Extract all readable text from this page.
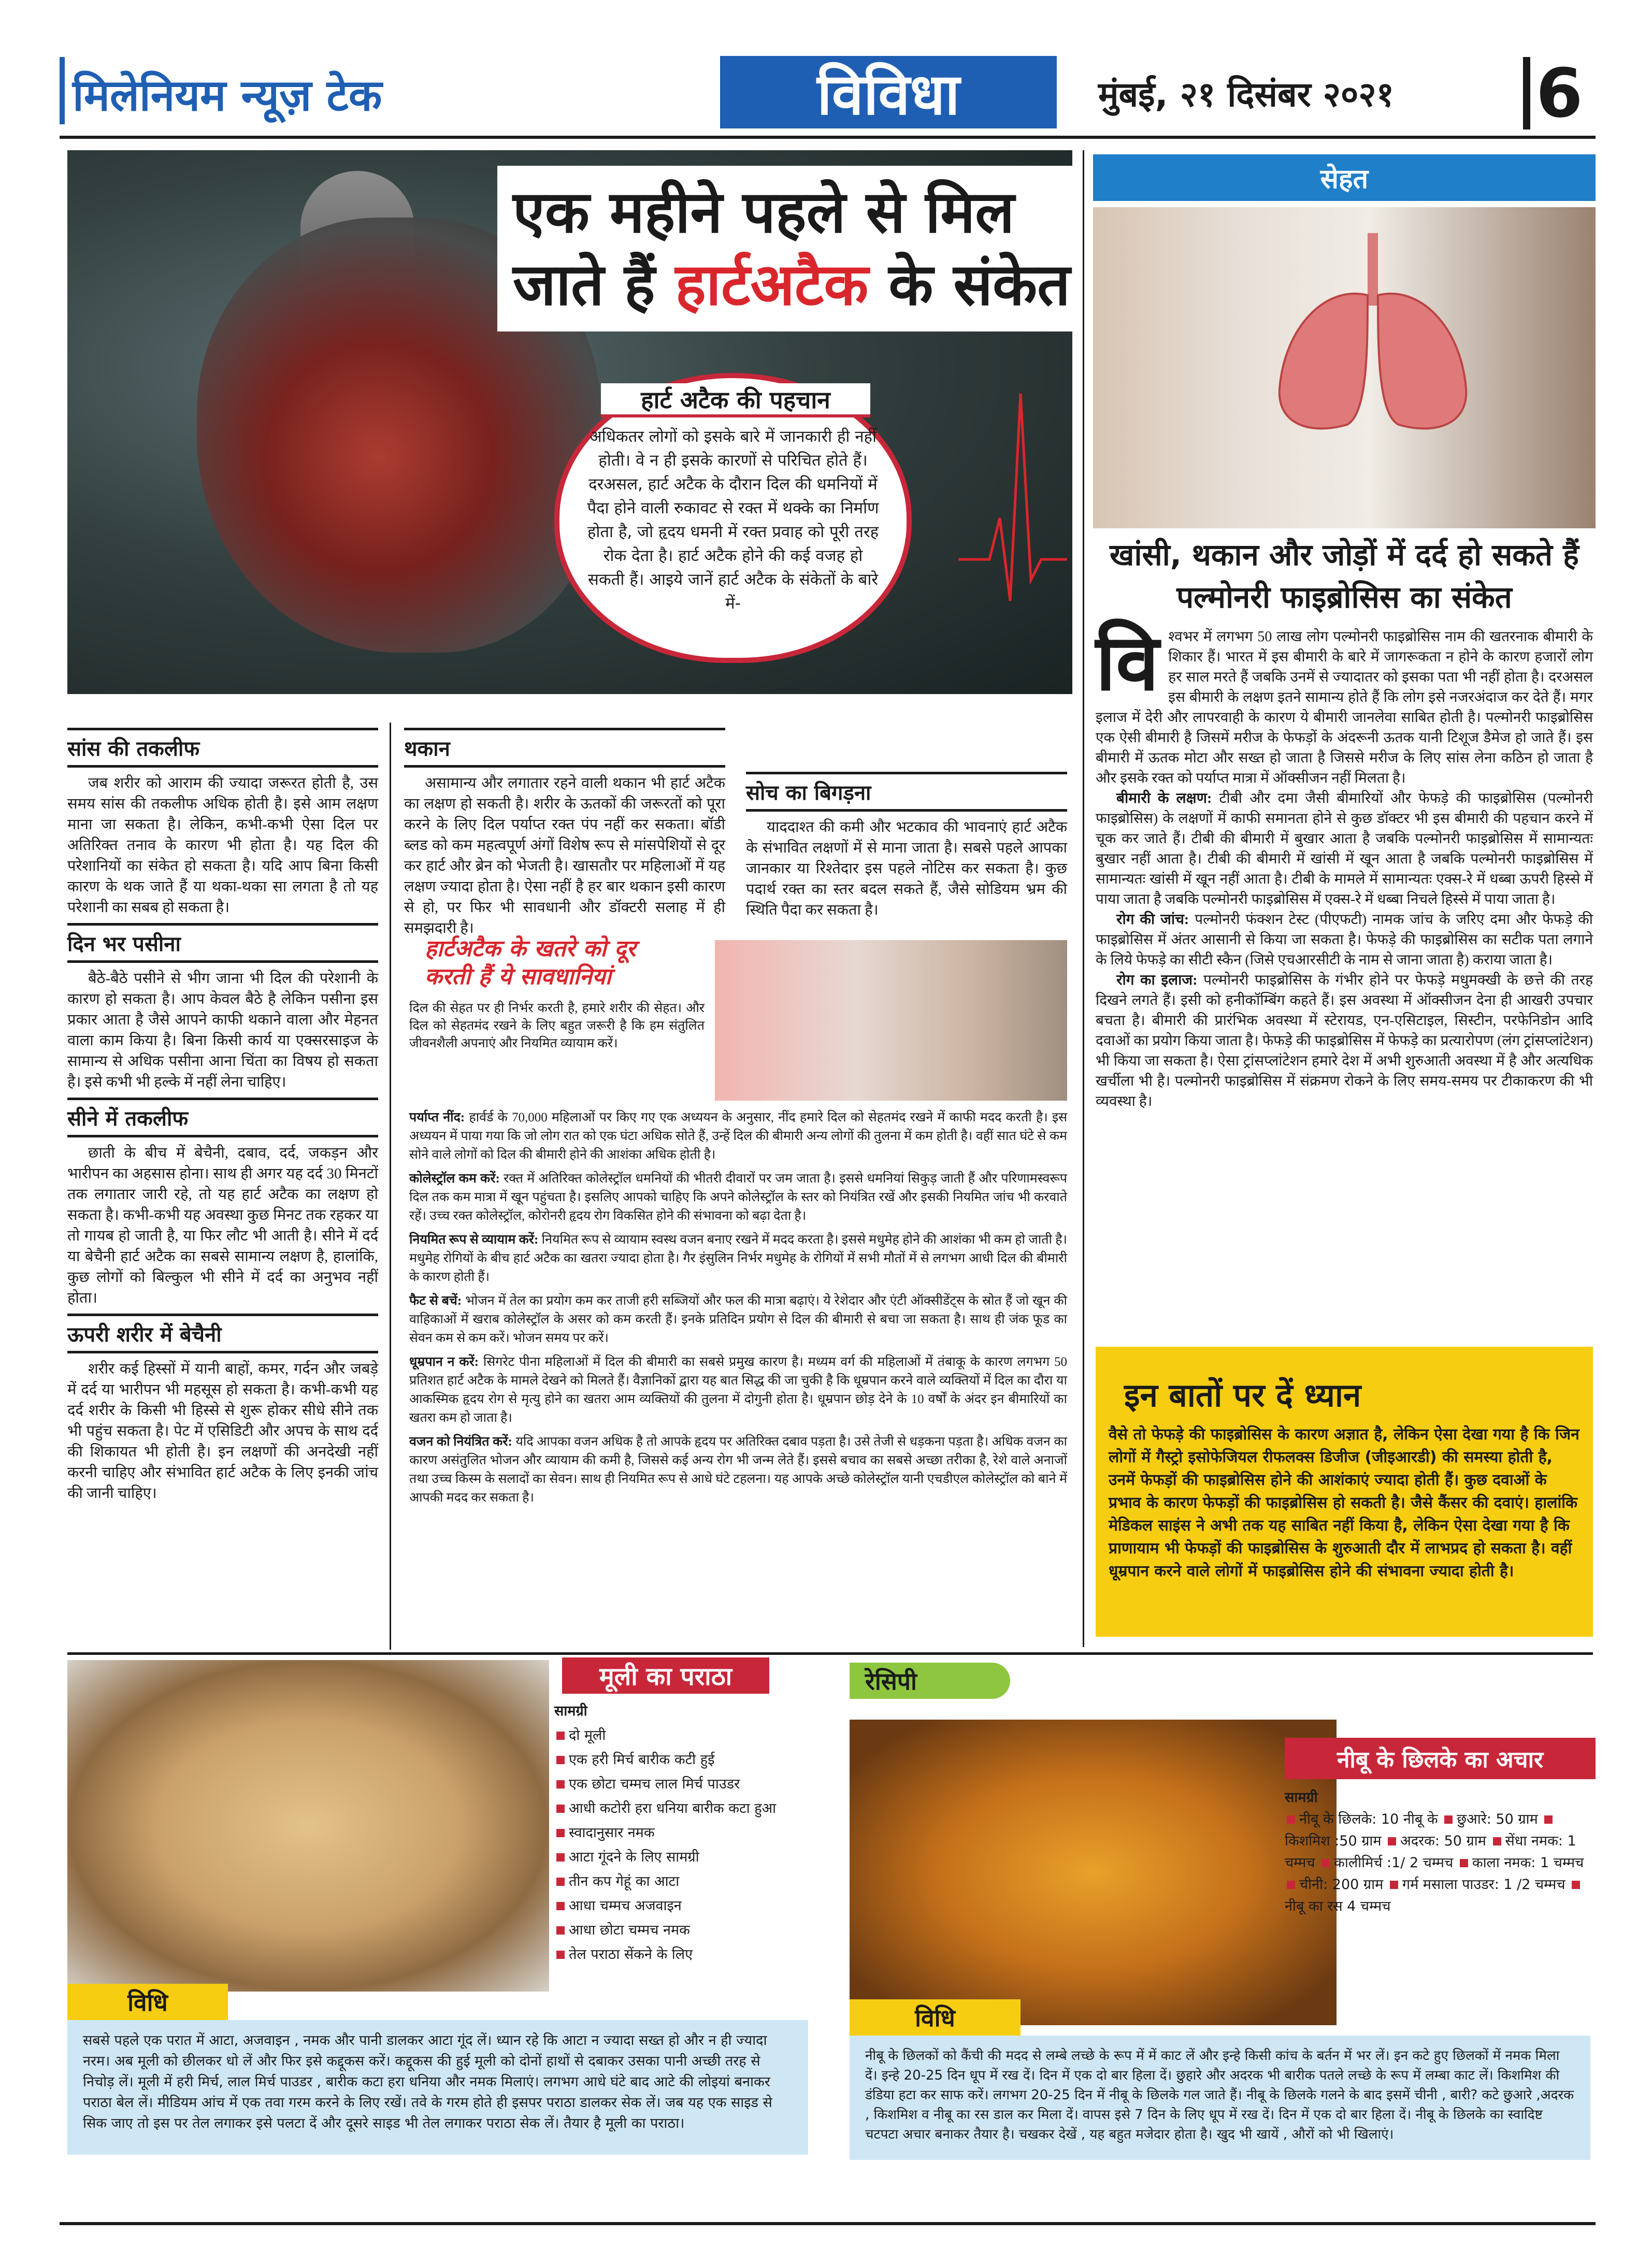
मिलेनियम न्यूज़ टेक	विविधा	मुंबई, २१ दिसंबर २०२१	6
एक महीने पहले से मिल
जाते हैं हार्टअटैक के संकेत
अधिकतर लोगों को इसके बारे में जानकारी ही नहीं होती। वे न ही इसके कारणों से परिचित होते हैं। दरअसल, हार्ट अटैक के दौरान दिल की धमनियों में पैदा होने वाली रुकावट से रक्त में थक्के का निर्माण होता है, जो हृदय धमनी में रक्त प्रवाह को पूरी तरह रोक देता है। हार्ट अटैक होने की कई वजह हो सकती हैं। आइये जानें हार्ट अटैक के संकेतों के बारे में-
हार्ट अटैक की पहचान
सांस की तकलीफ
जब शरीर को आराम की ज्यादा जरूरत होती है, उस समय सांस की तकलीफ अधिक होती है। इसे आम लक्षण माना जा सकता है। लेकिन, कभी-कभी ऐसा दिल पर अतिरिक्त तनाव के कारण भी होता है। यह दिल की परेशानियों का संकेत हो सकता है। यदि आप बिना किसी कारण के थक जाते हैं या थका-थका सा लगता है तो यह परेशानी का सबब हो सकता है।
दिन भर पसीना
बैठे-बैठे पसीने से भीग जाना भी दिल की परेशानी के कारण हो सकता है। आप केवल बैठे है लेकिन पसीना इस प्रकार आता है जैसे आपने काफी थकाने वाला और मेहनत वाला काम किया है। बिना किसी कार्य या एक्सरसाइज के सामान्य से अधिक पसीना आना चिंता का विषय हो सकता है। इसे कभी भी हल्के में नहीं लेना चाहिए।
सीने में तकलीफ
छाती के बीच में बेचैनी, दबाव, दर्द, जकड़न और भारीपन का अहसास होना। साथ ही अगर यह दर्द 30 मिनटों तक लगातार जारी रहे, तो यह हार्ट अटैक का लक्षण हो सकता है। कभी-कभी यह अवस्था कुछ मिनट तक रहकर या तो गायब हो जाती है, या फिर लौट भी आती है। सीने में दर्द या बेचैनी हार्ट अटैक का सबसे सामान्य लक्षण है, हालांकि, कुछ लोगों को बिल्कुल भी सीने में दर्द का अनुभव नहीं होता।
ऊपरी शरीर में बेचैनी
शरीर कई हिस्सों में यानी बाहों, कमर, गर्दन और जबड़े में दर्द या भारीपन भी महसूस हो सकता है। कभी-कभी यह दर्द शरीर के किसी भी हिस्से से शुरू होकर सीधे सीने तक भी पहुंच सकता है। पेट में एसिडिटी और अपच के साथ दर्द की शिकायत भी होती है। इन लक्षणों की अनदेखी नहीं करनी चाहिए और संभावित हार्ट अटैक के लिए इनकी जांच की जानी चाहिए।
थकान
असामान्य और लगातार रहने वाली थकान भी हार्ट अटैक का लक्षण हो सकती है। शरीर के ऊतकों की जरूरतों को पूरा करने के लिए दिल पर्याप्त रक्त पंप नहीं कर सकता। बॉडी ब्लड को कम महत्वपूर्ण अंगों विशेष रूप से मांसपेशियों से दूर कर हार्ट और ब्रेन को भेजती है। खासतौर पर महिलाओं में यह लक्षण ज्यादा होता है। ऐसा नहीं है हर बार थकान इसी कारण से हो, पर फिर भी सावधानी और डॉक्टरी सलाह में ही समझदारी है।
सोच का बिगड़ना
याददाश्त की कमी और भटकाव की भावनाएं हार्ट अटैक के संभावित लक्षणों में से माना जाता है। सबसे पहले आपका जानकार या रिश्तेदार इस पहले नोटिस कर सकता है। कुछ पदार्थ रक्त का स्तर बदल सकते हैं, जैसे सोडियम भ्रम की स्थिति पैदा कर सकता है।
हार्टअटैक के खतरे को दूर करती हैं ये सावधानियां
दिल की सेहत पर ही निर्भर करती है, हमारे शरीर की सेहत। और दिल को सेहतमंद रखने के लिए बहुत जरूरी है कि हम संतुलित जीवनशैली अपनाएं और नियमित व्यायाम करें।
पर्याप्त नींद: हार्वर्ड के 70,000 महिलाओं पर किए गए एक अध्ययन के अनुसार, नींद हमारे दिल को सेहतमंद रखने में काफी मदद करती है। इस अध्ययन में पाया गया कि जो लोग रात को एक घंटा अधिक सोते हैं, उन्हें दिल की बीमारी अन्य लोगों की तुलना में कम होती है। वहीं सात घंटे से कम सोने वाले लोगों को दिल की बीमारी होने की आशंका अधिक होती है।
कोलेस्ट्रॉल कम करें: रक्त में अतिरिक्त कोलेस्ट्रॉल धमनियों की भीतरी दीवारों पर जम जाता है। इससे धमनियां सिकुड़ जाती हैं और परिणामस्वरूप दिल तक कम मात्रा में खून पहुंचता है। इसलिए आपको चाहिए कि अपने कोलेस्ट्रॉल के स्तर को नियंत्रित रखें और इसकी नियमित जांच भी करवाते रहें। उच्च रक्त कोलेस्ट्रॉल, कोरोनरी हृदय रोग विकसित होने की संभावना को बढ़ा देता है।
नियमित रूप से व्यायाम करें: नियमित रूप से व्यायाम स्वस्थ वजन बनाए रखने में मदद करता है। इससे मधुमेह होने की आशंका भी कम हो जाती है। मधुमेह रोगियों के बीच हार्ट अटैक का खतरा ज्यादा होता है। गैर इंसुलिन निर्भर मधुमेह के रोगियों में सभी मौतों में से लगभग आधी दिल की बीमारी के कारण होती हैं।
फैट से बचें: भोजन में तेल का प्रयोग कम कर ताजी हरी सब्जियों और फल की मात्रा बढ़ाएं। ये रेशेदार और एंटी ऑक्सीडेंट्स के स्रोत हैं जो खून की वाहिकाओं में खराब कोलेस्ट्रॉल के असर को कम करती हैं। इनके प्रतिदिन प्रयोग से दिल की बीमारी से बचा जा सकता है। साथ ही जंक फूड का सेवन कम से कम करें। भोजन समय पर करें।
धूम्रपान न करें: सिगरेट पीना महिलाओं में दिल की बीमारी का सबसे प्रमुख कारण है। मध्यम वर्ग की महिलाओं में तंबाकू के कारण लगभग 50 प्रतिशत हार्ट अटैक के मामले देखने को मिलते हैं। वैज्ञानिकों द्वारा यह बात सिद्ध की जा चुकी है कि धूम्रपान करने वाले व्यक्तियों में दिल का दौरा या आकस्मिक हृदय रोग से मृत्यु होने का खतरा आम व्यक्तियों की तुलना में दोगुनी होता है। धूम्रपान छोड़ देने के 10 वर्षों के अंदर इन बीमारियों का खतरा कम हो जाता है।
वजन को नियंत्रित करें: यदि आपका वजन अधिक है तो आपके हृदय पर अतिरिक्त दबाव पड़ता है। उसे तेजी से धड़कना पड़ता है। अधिक वजन का कारण असंतुलित भोजन और व्यायाम की कमी है, जिससे कई अन्य रोग भी जन्म लेते हैं। इससे बचाव का सबसे अच्छा तरीका है, रेशे वाले अनाजों तथा उच्च किस्म के सलादों का सेवन। साथ ही नियमित रूप से आधे घंटे टहलना। यह आपके अच्छे कोलेस्ट्रॉल यानी एचडीएल कोलेस्ट्रॉल को बाने में आपकी मदद कर सकता है।
सेहत
खांसी, थकान और जोड़ों में दर्द हो सकते हैं पल्मोनरी फाइब्रोसिस का संकेत
वि श्वभर में लगभग 50 लाख लोग पल्मोनरी फाइब्रोसिस नाम की खतरनाक बीमारी के शिकार हैं। भारत में इस बीमारी के बारे में जागरूकता न होने के कारण हजारों लोग हर साल मरते हैं जबकि उनमें से ज्यादातर को इसका पता भी नहीं होता है। दरअसल इस बीमारी के लक्षण इतने सामान्य होते हैं कि लोग इसे नजरअंदाज कर देते हैं। मगर इलाज में देरी और लापरवाही के कारण ये बीमारी जानलेवा साबित होती है। पल्मोनरी फाइब्रोसिस एक ऐसी बीमारी है जिसमें मरीज के फेफड़ों के अंदरूनी ऊतक यानी टिशूज डैमेज हो जाते हैं। इस बीमारी में ऊतक मोटा और सख्त हो जाता है जिससे मरीज के लिए सांस लेना कठिन हो जाता है और इसके रक्त को पर्याप्त मात्रा में ऑक्सीजन नहीं मिलता है।
बीमारी के लक्षण: टीबी और दमा जैसी बीमारियों और फेफड़े की फाइब्रोसिस (पल्मोनरी फाइब्रोसिस) के लक्षणों में काफी समानता होने से कुछ डॉक्टर भी इस बीमारी की पहचान करने में चूक कर जाते हैं। टीबी की बीमारी में बुखार आता है जबकि पल्मोनरी फाइब्रोसिस में सामान्यतः बुखार नहीं आता है। टीबी की बीमारी में खांसी में खून आता है जबकि पल्मोनरी फाइब्रोसिस में सामान्यतः खांसी में खून नहीं आता है। टीबी के मामले में सामान्यतः एक्स-रे में धब्बा ऊपरी हिस्से में पाया जाता है जबकि पल्मोनरी फाइब्रोसिस में एक्स-रे में धब्बा निचले हिस्से में पाया जाता है।
रोग की जांच: पल्मोनरी फंक्शन टेस्ट (पीएफटी) नामक जांच के जरिए दमा और फेफड़े की फाइब्रोसिस में अंतर आसानी से किया जा सकता है। फेफड़े की फाइब्रोसिस का सटीक पता लगाने के लिये फेफड़े का सीटी स्कैन (जिसे एचआरसीटी के नाम से जाना जाता है) कराया जाता है।
रोग का इलाज: पल्मोनरी फाइब्रोसिस के गंभीर होने पर फेफड़े मधुमक्खी के छत्ते की तरह दिखने लगते हैं। इसी को हनीकॉम्बिंग कहते हैं। इस अवस्था में ऑक्सीजन देना ही आखरी उपचार बचता है। बीमारी की प्रारंभिक अवस्था में स्टेरायड, एन-एसिटाइल, सिस्टीन, परफेनिडोन आदि दवाओं का प्रयोग किया जाता है। फेफड़े की फाइब्रोसिस में फेफड़े का प्रत्यारोपण (लंग ट्रांसप्लांटेशन) भी किया जा सकता है। ऐसा ट्रांसप्लांटेशन हमारे देश में अभी शुरुआती अवस्था में है और अत्यधिक खर्चीला भी है। पल्मोनरी फाइब्रोसिस में संक्रमण रोकने के लिए समय-समय पर टीकाकरण की भी व्यवस्था है।
इन बातों पर दें ध्यान
वैसे तो फेफड़े की फाइब्रोसिस के कारण अज्ञात है, लेकिन ऐसा देखा गया है कि जिन लोगों में गैस्ट्रो इसोफेजियल रीफलक्स डिजीज (जीइआरडी) की समस्या होती है, उनमें फेफड़ों की फाइब्रोसिस होने की आशंकाएं ज्यादा होती हैं। कुछ दवाओं के प्रभाव के कारण फेफड़ों की फाइब्रोसिस हो सकती है। जैसे कैंसर की दवाएं। हालांकि मेडिकल साइंस ने अभी तक यह साबित नहीं किया है, लेकिन ऐसा देखा गया है कि प्राणायाम भी फेफड़ों की फाइब्रोसिस के शुरुआती दौर में लाभप्रद हो सकता है। वहीं धूम्रपान करने वाले लोगों में फाइब्रोसिस होने की संभावना ज्यादा होती है।
मूली का पराठा
सामग्री
दो मूली
एक हरी मिर्च बारीक कटी हुई
एक छोटा चम्मच लाल मिर्च पाउडर
आधी कटोरी हरा धनिया बारीक कटा हुआ
स्वादानुसार नमक
आटा गूंदने के लिए सामग्री
तीन कप गेहूं का आटा
आधा चम्मच अजवाइन
आधा छोटा चम्मच नमक
तेल पराठा सेंकने के लिए
रेसिपी
नीबू के छिलके का अचार
सामग्री
नीबू के छिलके: 10 नीबू के छुआरे: 50 ग्राम किशमिश :50 ग्राम अदरक: 50 ग्राम सेंधा नमक: 1 चम्मच कालीमिर्च :1/ 2 चम्मच काला नमक: 1 चम्मच चीनी: 200 ग्राम गर्म मसाला पाउडर: 1 /2 चम्मच नीबू का रस 4 चम्मच
विधि
सबसे पहले एक परात में आटा, अजवाइन , नमक और पानी डालकर आटा गूंद लें। ध्यान रहे कि आटा न ज्यादा सख्त हो और न ही ज्यादा नरम। अब मूली को छीलकर धो लें और फिर इसे कद्दूकस करें। कद्दूकस की हुई मूली को दोनों हाथों से दबाकर उसका पानी अच्छी तरह से निचोड़ लें। मूली में हरी मिर्च, लाल मिर्च पाउडर , बारीक कटा हरा धनिया और नमक मिलाएं। लगभग आधे घंटे बाद आटे की लोइयां बनाकर पराठा बेल लें। मीडियम आंच में एक तवा गरम करने के लिए रखें। तवे के गरम होते ही इसपर पराठा डालकर सेक लें। जब यह एक साइड से सिक जाए तो इस पर तेल लगाकर इसे पलटा दें और दूसरे साइड भी तेल लगाकर पराठा सेक लें। तैयार है मूली का पराठा।
विधि
नीबू के छिलकों को कैंची की मदद से लम्बे लच्छे के रूप में में काट लें और इन्हे किसी कांच के बर्तन में भर लें। इन कटे हुए छिलकों में नमक मिला दें। इन्हे 20-25 दिन धूप में रख दें। दिन में एक दो बार हिला दें। छुहारे और अदरक भी बारीक पतले लच्छे के रूप में लम्बा काट लें। किशमिश की डंडिया हटा कर साफ करें। लगभग 20-25 दिन में नीबू के छिलके गल जाते हैं। नीबू के छिलके गलने के बाद इसमें चीनी , बारी? कटे छुआरे ,अदरक , किशमिश व नीबू का रस डाल कर मिला दें। वापस इसे 7 दिन के लिए धूप में रख दें। दिन में एक दो बार हिला दें। नीबू के छिलके का स्वादिष्ट चटपटा अचार बनाकर तैयार है। चखकर देखें , यह बहुत मजेदार होता है। खुद भी खायें , औरों को भी खिलाएं।
